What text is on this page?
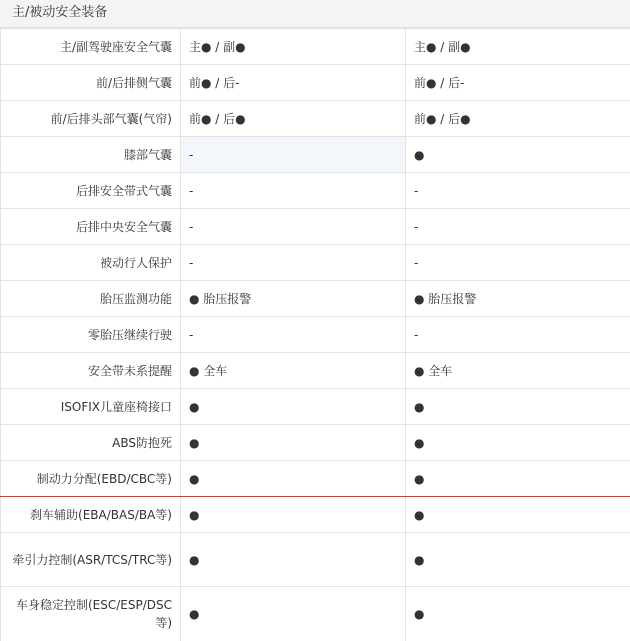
主/被动安全装备
主/副驾驶座安全气囊	主● / 副●	主● / 副●
前/后排侧气囊	前● / 后-	前● / 后-
前/后排头部气囊(气帘)	前● / 后●	前● / 后●
膝部气囊	-	●
后排安全带式气囊	-	-
后排中央安全气囊	-	-
被动行人保护	-	-
胎压监测功能	● 胎压报警	● 胎压报警
零胎压继续行驶	-	-
安全带未系提醒	● 全车	● 全车
ISOFIX儿童座椅接口	●	●
ABS防抱死	●	●
制动力分配(EBD/CBC等)	●	●
刹车辅助(EBA/BAS/BA等)	●	●
牵引力控制(ASR/TCS/TRC等)	●	●
车身稳定控制(ESC/ESP/DSC等)	●	●
